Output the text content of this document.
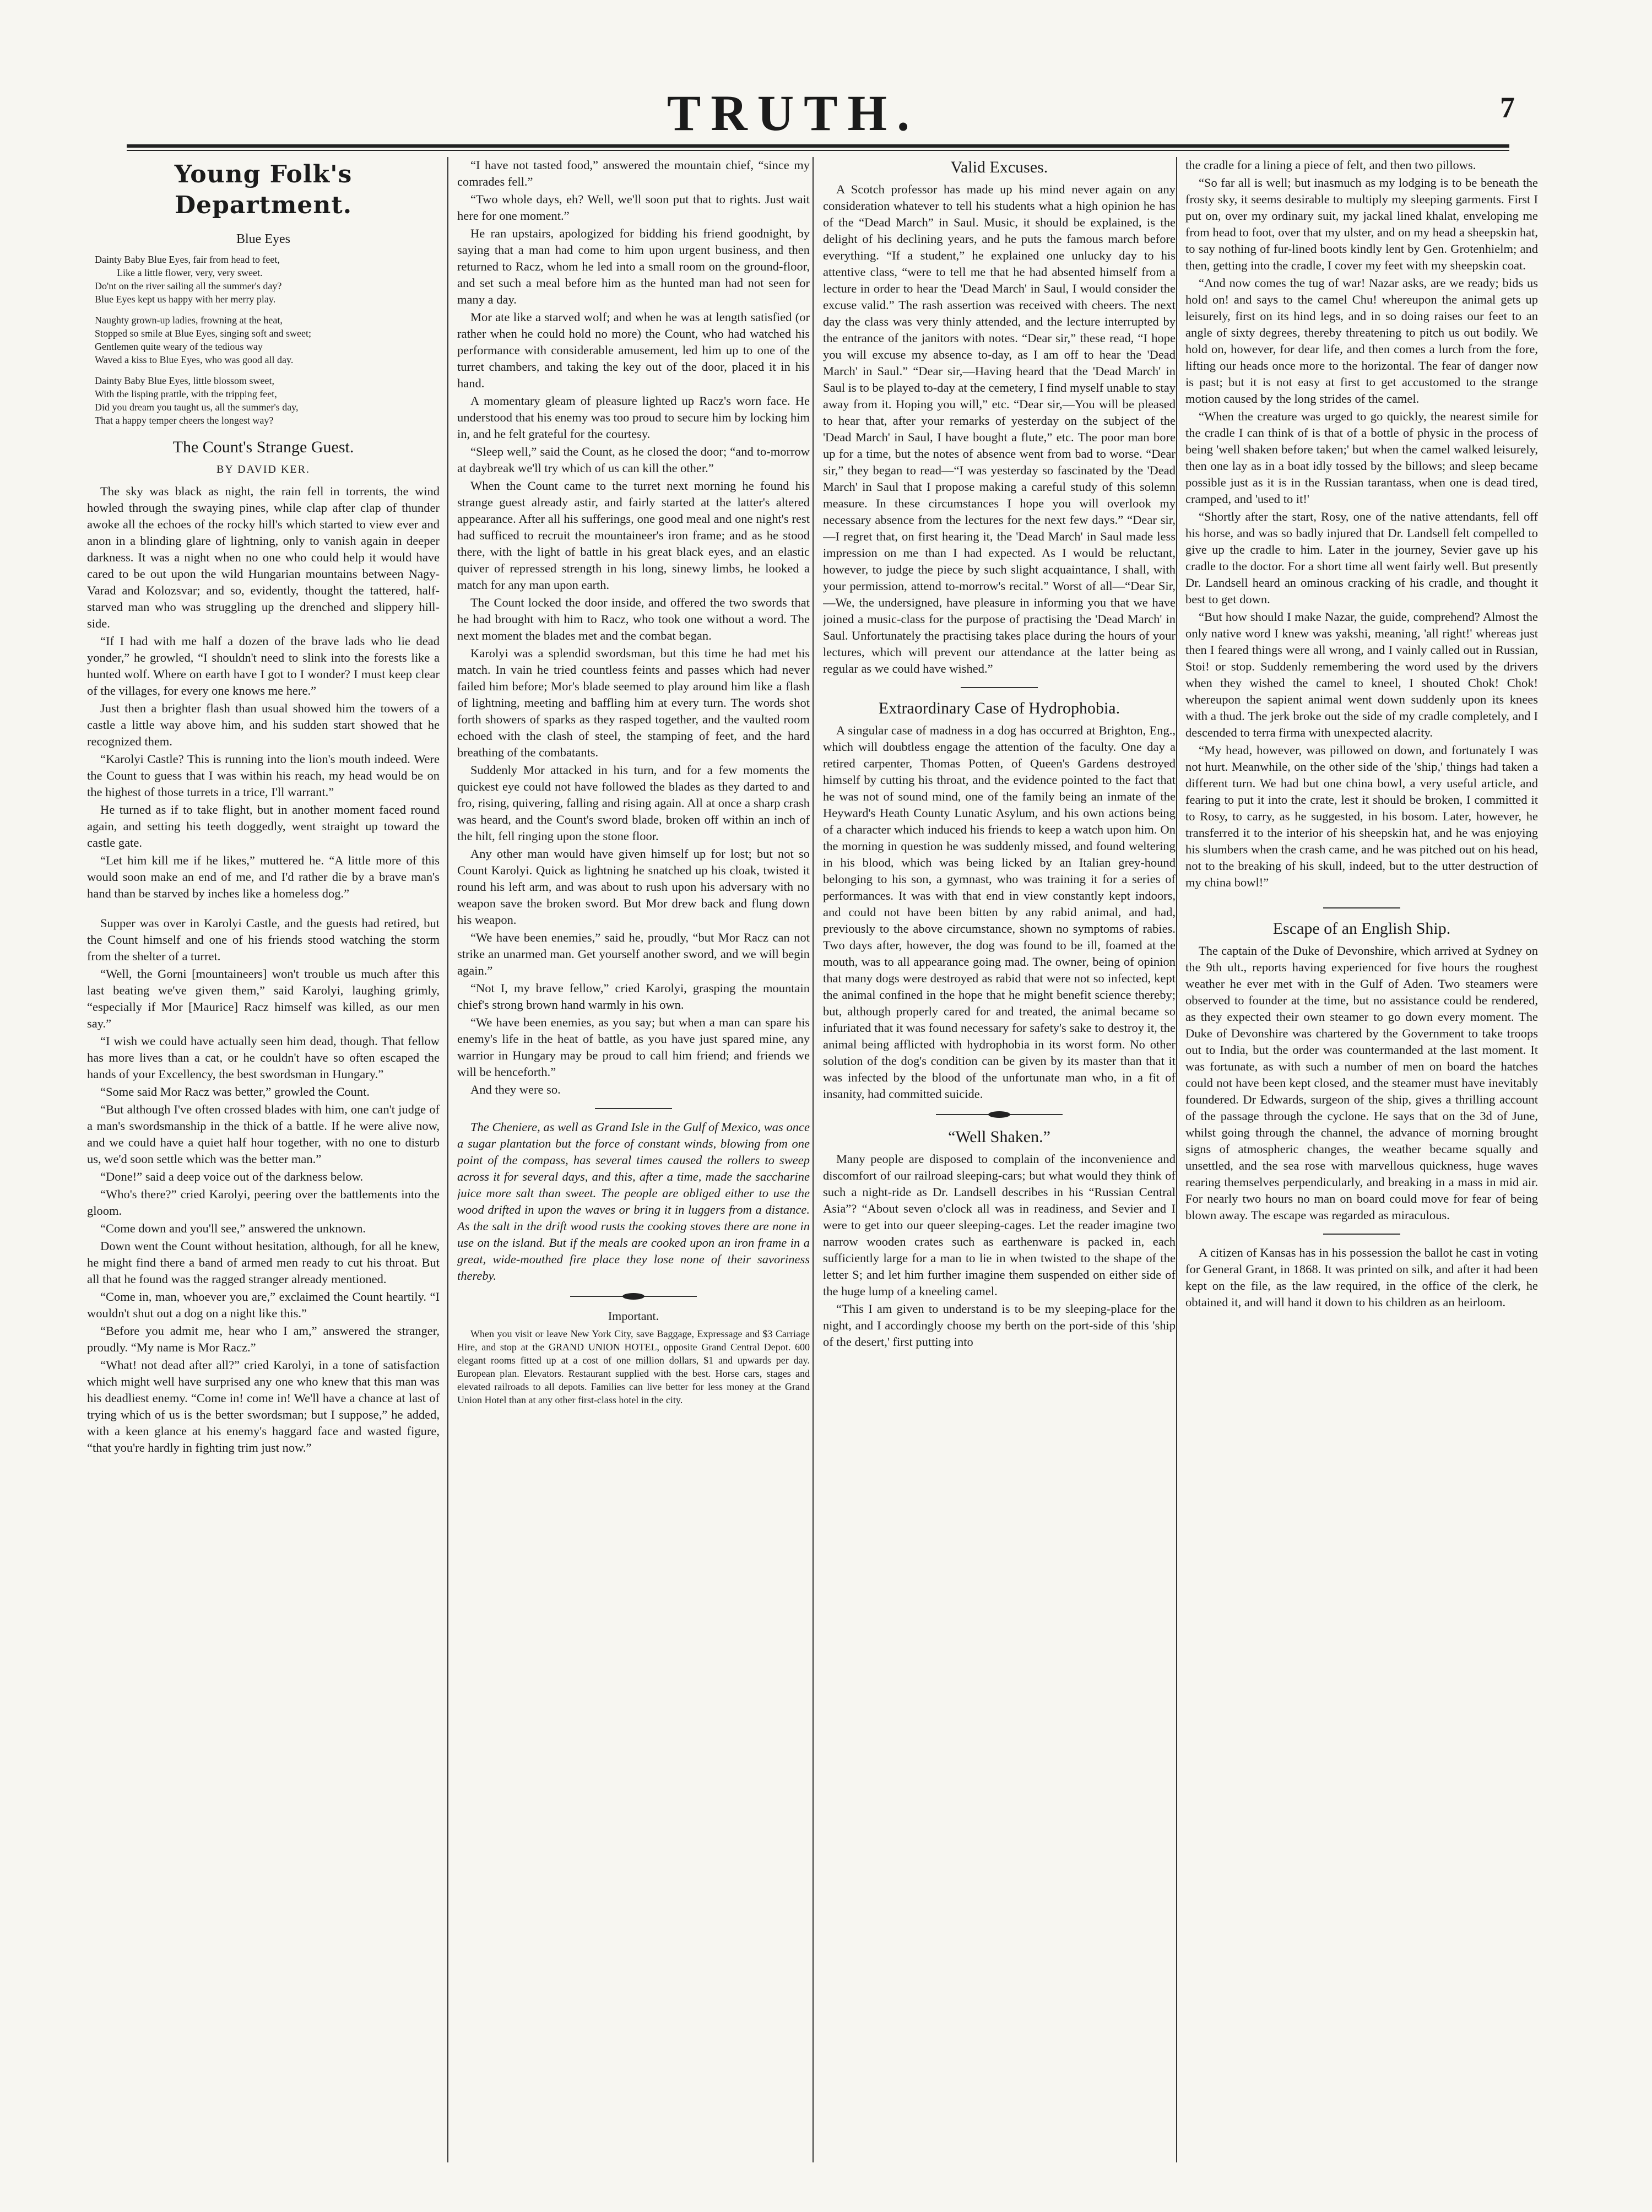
TRUTH.	7
Young Folk's Department.
Blue Eyes
Dainty Baby Blue Eyes, fair from head to feet,
Like a little flower, very, very sweet.
Do'nt on the river sailing all the summer's day?
Blue Eyes kept us happy with her merry play.
Naughty grown-up ladies, frowning at the heat,
Stopped so smile at Blue Eyes, singing soft and sweet;
Gentlemen quite weary of the tedious way
Waved a kiss to Blue Eyes, who was good all day.
Dainty Baby Blue Eyes, little blossom sweet,
With the lisping prattle, with the tripping feet,
Did you dream you taught us, all the summer's day,
That a happy temper cheers the longest way?
The Count's Strange Guest.
BY DAVID KER.

The sky was black as night, the rain fell in torrents, the wind howled through the swaying pines, while clap after clap of thunder awoke all the echoes of the rocky hill's which started to view ever and anon in a blinding glare of lightning, only to vanish again in deeper darkness. It was a night when no one who could help it would have cared to be out upon the wild Hungarian mountains between Nagy-Varad and Kolozsvar; and so, evidently, thought the tattered, half-starved man who was struggling up the drenched and slippery hill-side.

“If I had with me half a dozen of the brave lads who lie dead yonder,” he growled, “I shouldn't need to slink into the forests like a hunted wolf. Where on earth have I got to I wonder? I must keep clear of the villages, for every one knows me here.”

Just then a brighter flash than usual showed him the towers of a castle a little way above him, and his sudden start showed that he recognized them.

“Karolyi Castle? This is running into the lion's mouth indeed. Were the Count to guess that I was within his reach, my head would be on the highest of those turrets in a trice, I'll warrant.”

He turned as if to take flight, but in another moment faced round again, and setting his teeth doggedly, went straight up toward the castle gate.

“Let him kill me if he likes,” muttered he. “A little more of this would soon make an end of me, and I'd rather die by a brave man's hand than be starved by inches like a homeless dog.”

Supper was over in Karolyi Castle, and the guests had retired, but the Count himself and one of his friends stood watching the storm from the shelter of a turret.

“Well, the Gorni [mountaineers] won't trouble us much after this last beating we've given them,” said Karolyi, laughing grimly, “especially if Mor [Maurice] Racz himself was killed, as our men say.”

“I wish we could have actually seen him dead, though. That fellow has more lives than a cat, or he couldn't have so often escaped the hands of your Excellency, the best swordsman in Hungary.”

“Some said Mor Racz was better,” growled the Count.

“But although I've often crossed blades with him, one can't judge of a man's swordsmanship in the thick of a battle. If he were alive now, and we could have a quiet half hour together, with no one to disturb us, we'd soon settle which was the better man.”

“Done!” said a deep voice out of the darkness below.

“Who's there?” cried Karolyi, peering over the battlements into the gloom.

“Come down and you'll see,” answered the unknown.

Down went the Count without hesitation, although, for all he knew, he might find there a band of armed men ready to cut his throat. But all that he found was the ragged stranger already mentioned.

“Come in, man, whoever you are,” exclaimed the Count heartily. “I wouldn't shut out a dog on a night like this.”

“Before you admit me, hear who I am,” answered the stranger, proudly. “My name is Mor Racz.”

“What! not dead after all?” cried Karolyi, in a tone of satisfaction which might well have surprised any one who knew that this man was his deadliest enemy. “Come in! come in! We'll have a chance at last of trying which of us is the better swordsman; but I suppose,” he added, with a keen glance at his enemy's haggard face and wasted figure, “that you're hardly in fighting trim just now.”

“I have not tasted food,” answered the mountain chief, “since my comrades fell.”

“Two whole days, eh? Well, we'll soon put that to rights. Just wait here for one moment.”

He ran upstairs, apologized for bidding his friend goodnight, by saying that a man had come to him upon urgent business, and then returned to Racz, whom he led into a small room on the ground-floor, and set such a meal before him as the hunted man had not seen for many a day.

Mor ate like a starved wolf; and when he was at length satisfied (or rather when he could hold no more) the Count, who had watched his performance with considerable amusement, led him up to one of the turret chambers, and taking the key out of the door, placed it in his hand.

A momentary gleam of pleasure lighted up Racz's worn face. He understood that his enemy was too proud to secure him by locking him in, and he felt grateful for the courtesy.

“Sleep well,” said the Count, as he closed the door; “and to-morrow at daybreak we'll try which of us can kill the other.”

When the Count came to the turret next morning he found his strange guest already astir, and fairly started at the latter's altered appearance. After all his sufferings, one good meal and one night's rest had sufficed to recruit the mountaineer's iron frame; and as he stood there, with the light of battle in his great black eyes, and an elastic quiver of repressed strength in his long, sinewy limbs, he looked a match for any man upon earth.

The Count locked the door inside, and offered the two swords that he had brought with him to Racz, who took one without a word. The next moment the blades met and the combat began.

Karolyi was a splendid swordsman, but this time he had met his match. In vain he tried countless feints and passes which had never failed him before; Mor's blade seemed to play around him like a flash of lightning, meeting and baffling him at every turn. The words shot forth showers of sparks as they rasped together, and the vaulted room echoed with the clash of steel, the stamping of feet, and the hard breathing of the combatants.

Suddenly Mor attacked in his turn, and for a few moments the quickest eye could not have followed the blades as they darted to and fro, rising, quivering, falling and rising again. All at once a sharp crash was heard, and the Count's sword blade, broken off within an inch of the hilt, fell ringing upon the stone floor.

Any other man would have given himself up for lost; but not so Count Karolyi. Quick as lightning he snatched up his cloak, twisted it round his left arm, and was about to rush upon his adversary with no weapon save the broken sword. But Mor drew back and flung down his weapon.

“We have been enemies,” said he, proudly, “but Mor Racz can not strike an unarmed man. Get yourself another sword, and we will begin again.”

“Not I, my brave fellow,” cried Karolyi, grasping the mountain chief's strong brown hand warmly in his own.

“We have been enemies, as you say; but when a man can spare his enemy's life in the heat of battle, as you have just spared mine, any warrior in Hungary may be proud to call him friend; and friends we will be henceforth.”

And they were so.

The Cheniere, as well as Grand Isle in the Gulf of Mexico, was once a sugar plantation but the force of constant winds, blowing from one point of the compass, has several times caused the rollers to sweep across it for several days, and this, after a time, made the saccharine juice more salt than sweet. The people are obliged either to use the wood drifted in upon the waves or bring it in luggers from a distance. As the salt in the drift wood rusts the cooking stoves there are none in use on the island. But if the meals are cooked upon an iron frame in a great, wide-mouthed fire place they lose none of their savoriness thereby.

Important.

When you visit or leave New York City, save Baggage, Expressage and $3 Carriage Hire, and stop at the GRAND UNION HOTEL, opposite Grand Central Depot. 600 elegant rooms fitted up at a cost of one million dollars, $1 and upwards per day. European plan. Elevators. Restaurant supplied with the best. Horse cars, stages and elevated railroads to all depots. Families can live better for less money at the Grand Union Hotel than at any other first-class hotel in the city.

Valid Excuses.

A Scotch professor has made up his mind never again on any consideration whatever to tell his students what a high opinion he has of the “Dead March” in Saul. Music, it should be explained, is the delight of his declining years, and he puts the famous march before everything. “If a student,” he explained one unlucky day to his attentive class, “were to tell me that he had absented himself from a lecture in order to hear the 'Dead March' in Saul, I would consider the excuse valid.” The rash assertion was received with cheers. The next day the class was very thinly attended, and the lecture interrupted by the entrance of the janitors with notes. “Dear sir,” these read, “I hope you will excuse my absence to-day, as I am off to hear the 'Dead March' in Saul.” “Dear sir,—Having heard that the 'Dead March' in Saul is to be played to-day at the cemetery, I find myself unable to stay away from it. Hoping you will,” etc. “Dear sir,—You will be pleased to hear that, after your remarks of yesterday on the subject of the 'Dead March' in Saul, I have bought a flute,” etc. The poor man bore up for a time, but the notes of absence went from bad to worse. “Dear sir,” they began to read—“I was yesterday so fascinated by the 'Dead March' in Saul that I propose making a careful study of this solemn measure. In these circumstances I hope you will overlook my necessary absence from the lectures for the next few days.” “Dear sir,—I regret that, on first hearing it, the 'Dead March' in Saul made less impression on me than I had expected. As I would be reluctant, however, to judge the piece by such slight acquaintance, I shall, with your permission, attend to-morrow's recital.” Worst of all—“Dear Sir,—We, the undersigned, have pleasure in informing you that we have joined a music-class for the purpose of practising the 'Dead March' in Saul. Unfortunately the practising takes place during the hours of your lectures, which will prevent our attendance at the latter being as regular as we could have wished.”

Extraordinary Case of Hydrophobia.

A singular case of madness in a dog has occurred at Brighton, Eng., which will doubtless engage the attention of the faculty. One day a retired carpenter, Thomas Potten, of Queen's Gardens destroyed himself by cutting his throat, and the evidence pointed to the fact that he was not of sound mind, one of the family being an inmate of the Heyward's Heath County Lunatic Asylum, and his own actions being of a character which induced his friends to keep a watch upon him. On the morning in question he was suddenly missed, and found weltering in his blood, which was being licked by an Italian grey-hound belonging to his son, a gymnast, who was training it for a series of performances. It was with that end in view constantly kept indoors, and could not have been bitten by any rabid animal, and had, previously to the above circumstance, shown no symptoms of rabies. Two days after, however, the dog was found to be ill, foamed at the mouth, was to all appearance going mad. The owner, being of opinion that many dogs were destroyed as rabid that were not so infected, kept the animal confined in the hope that he might benefit science thereby; but, although properly cared for and treated, the animal became so infuriated that it was found necessary for safety's sake to destroy it, the animal being afflicted with hydrophobia in its worst form. No other solution of the dog's condition can be given by its master than that it was infected by the blood of the unfortunate man who, in a fit of insanity, had committed suicide.

“Well Shaken.”

Many people are disposed to complain of the inconvenience and discomfort of our railroad sleeping-cars; but what would they think of such a night-ride as Dr. Landsell describes in his “Russian Central Asia”? “About seven o'clock all was in readiness, and Sevier and I were to get into our queer sleeping-cages. Let the reader imagine two narrow wooden crates such as earthenware is packed in, each sufficiently large for a man to lie in when twisted to the shape of the letter S; and let him further imagine them suspended on either side of the huge lump of a kneeling camel.

“This I am given to understand is to be my sleeping-place for the night, and I accordingly choose my berth on the port-side of this 'ship of the desert,' first putting into

the cradle for a lining a piece of felt, and then two pillows.

“So far all is well; but inasmuch as my lodging is to be beneath the frosty sky, it seems desirable to multiply my sleeping garments. First I put on, over my ordinary suit, my jackal lined khalat, enveloping me from head to foot, over that my ulster, and on my head a sheepskin hat, to say nothing of fur-lined boots kindly lent by Gen. Grotenhielm; and then, getting into the cradle, I cover my feet with my sheepskin coat.

“And now comes the tug of war! Nazar asks, are we ready; bids us hold on! and says to the camel Chu! whereupon the animal gets up leisurely, first on its hind legs, and in so doing raises our feet to an angle of sixty degrees, thereby threatening to pitch us out bodily. We hold on, however, for dear life, and then comes a lurch from the fore, lifting our heads once more to the horizontal. The fear of danger now is past; but it is not easy at first to get accustomed to the strange motion caused by the long strides of the camel.

“When the creature was urged to go quickly, the nearest simile for the cradle I can think of is that of a bottle of physic in the process of being 'well shaken before taken;' but when the camel walked leisurely, then one lay as in a boat idly tossed by the billows; and sleep became possible just as it is in the Russian tarantass, when one is dead tired, cramped, and 'used to it!'

“Shortly after the start, Rosy, one of the native attendants, fell off his horse, and was so badly injured that Dr. Landsell felt compelled to give up the cradle to him. Later in the journey, Sevier gave up his cradle to the doctor. For a short time all went fairly well. But presently Dr. Landsell heard an ominous cracking of his cradle, and thought it best to get down.

“But how should I make Nazar, the guide, comprehend? Almost the only native word I knew was yakshi, meaning, 'all right!' whereas just then I feared things were all wrong, and I vainly called out in Russian, Stoi! or stop. Suddenly remembering the word used by the drivers when they wished the camel to kneel, I shouted Chok! Chok! whereupon the sapient animal went down suddenly upon its knees with a thud. The jerk broke out the side of my cradle completely, and I descended to terra firma with unexpected alacrity.

“My head, however, was pillowed on down, and fortunately I was not hurt. Meanwhile, on the other side of the 'ship,' things had taken a different turn. We had but one china bowl, a very useful article, and fearing to put it into the crate, lest it should be broken, I committed it to Rosy, to carry, as he suggested, in his bosom. Later, however, he transferred it to the interior of his sheepskin hat, and he was enjoying his slumbers when the crash came, and he was pitched out on his head, not to the breaking of his skull, indeed, but to the utter destruction of my china bowl!”

Escape of an English Ship.

The captain of the Duke of Devonshire, which arrived at Sydney on the 9th ult., reports having experienced for five hours the roughest weather he ever met with in the Gulf of Aden. Two steamers were observed to founder at the time, but no assistance could be rendered, as they expected their own steamer to go down every moment. The Duke of Devonshire was chartered by the Government to take troops out to India, but the order was countermanded at the last moment. It was fortunate, as with such a number of men on board the hatches could not have been kept closed, and the steamer must have inevitably foundered. Dr Edwards, surgeon of the ship, gives a thrilling account of the passage through the cyclone. He says that on the 3d of June, whilst going through the channel, the advance of morning brought signs of atmospheric changes, the weather became squally and unsettled, and the sea rose with marvellous quickness, huge waves rearing themselves perpendicularly, and breaking in a mass in mid air. For nearly two hours no man on board could move for fear of being blown away. The escape was regarded as miraculous.

A citizen of Kansas has in his possession the ballot he cast in voting for General Grant, in 1868. It was printed on silk, and after it had been kept on the file, as the law required, in the office of the clerk, he obtained it, and will hand it down to his children as an heirloom.
